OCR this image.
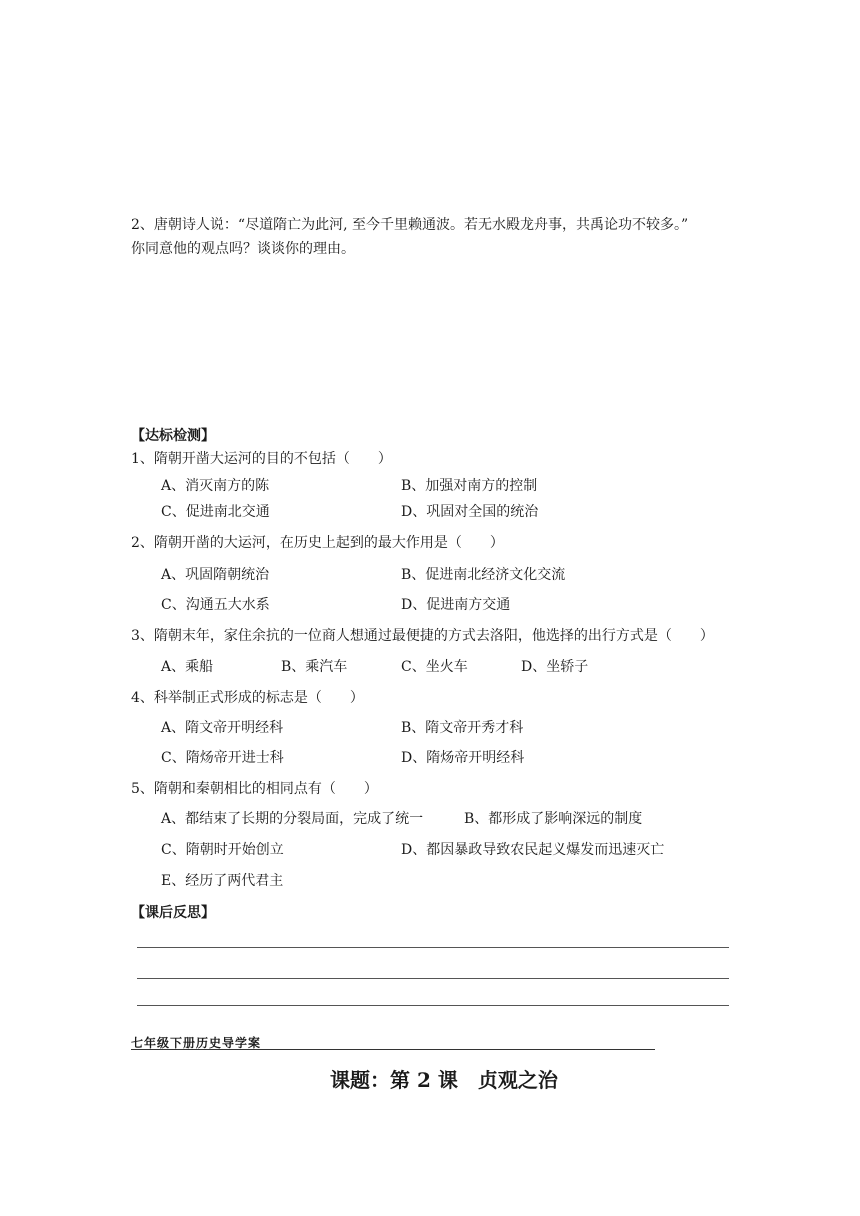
2、唐朝诗人说：“尽道隋亡为此河, 至今千里赖通波。若无水殿龙舟事，共禹论功不较多。”
你同意他的观点吗？谈谈你的理由。
【达标检测】
1、隋朝开凿大运河的目的不包括（　　）
A、消灭南方的陈	B、加强对南方的控制
C、促进南北交通	D、巩固对全国的统治
2、隋朝开凿的大运河，在历史上起到的最大作用是（　　）
A、巩固隋朝统治	B、促进南北经济文化交流
C、沟通五大水系	D、促进南方交通
3、隋朝末年，家住余抗的一位商人想通过最便捷的方式去洛阳，他选择的出行方式是（　　）
A、乘船	B、乘汽车	C、坐火车	D、坐轿子
4、科举制正式形成的标志是（　　）
A、隋文帝开明经科	B、隋文帝开秀才科
C、隋炀帝开进士科	D、隋炀帝开明经科
5、隋朝和秦朝相比的相同点有（　　）
A、都结束了长期的分裂局面，完成了统一	B、都形成了影响深远的制度
C、隋朝时开始创立	D、都因暴政导致农民起义爆发而迅速灭亡
E、经历了两代君主
【课后反思】
七年级下册历史导学案
课题：第 2 课　贞观之治
